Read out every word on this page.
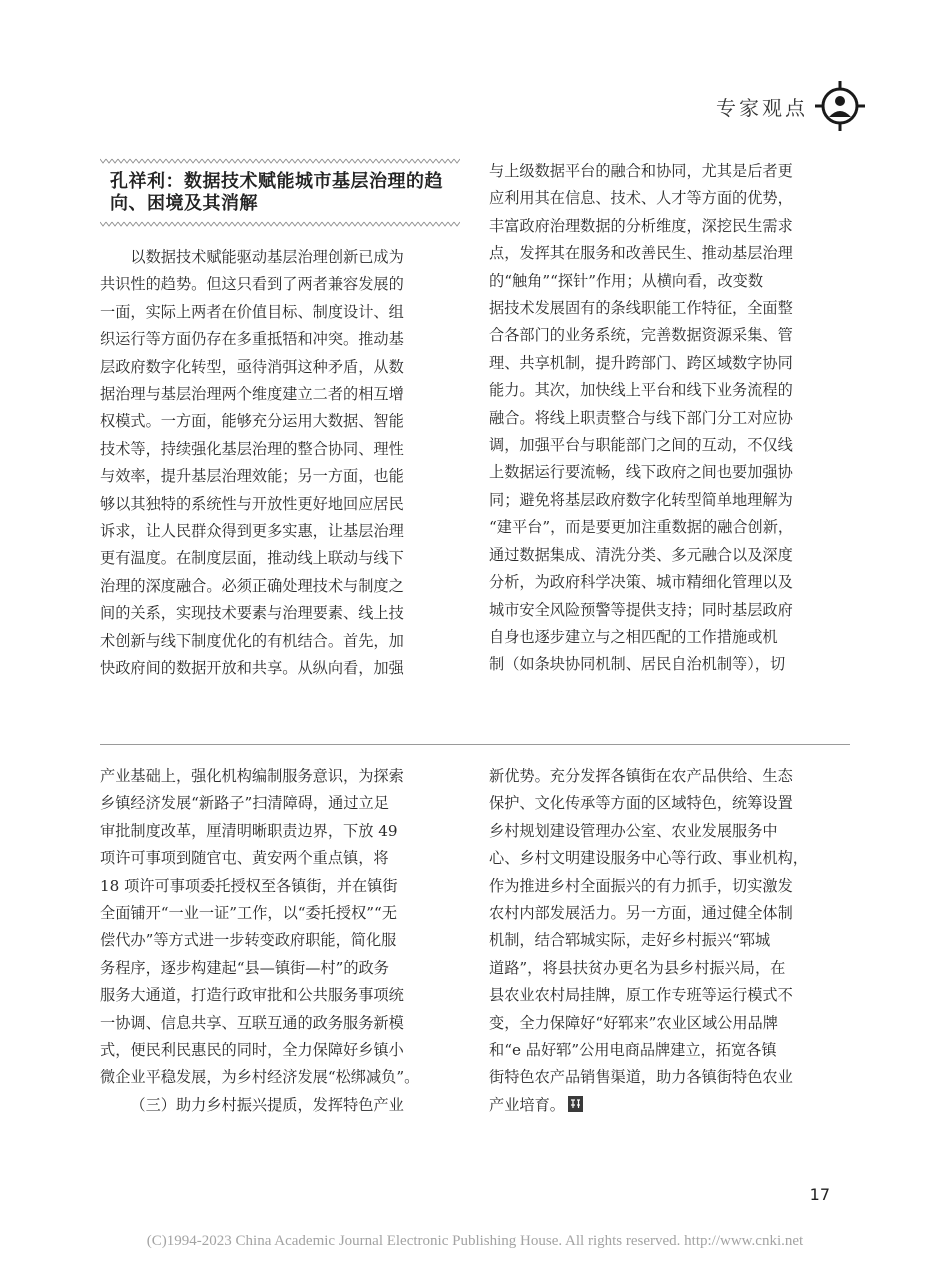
专家观点
孔祥利：数据技术赋能城市基层治理的趋向、困境及其消解

以数据技术赋能驱动基层治理创新已成为
共识性的趋势。但这只看到了两者兼容发展的
一面，实际上两者在价值目标、制度设计、组
织运行等方面仍存在多重抵牾和冲突。推动基
层政府数字化转型，亟待消弭这种矛盾，从数
据治理与基层治理两个维度建立二者的相互增
权模式。一方面，能够充分运用大数据、智能
技术等，持续强化基层治理的整合协同、理性
与效率，提升基层治理效能；另一方面，也能
够以其独特的系统性与开放性更好地回应居民
诉求，让人民群众得到更多实惠，让基层治理
更有温度。在制度层面，推动线上联动与线下
治理的深度融合。必须正确处理技术与制度之
间的关系，实现技术要素与治理要素、线上技
术创新与线下制度优化的有机结合。首先，加
快政府间的数据开放和共享。从纵向看，加强

与上级数据平台的融合和协同，尤其是后者更
应利用其在信息、技术、人才等方面的优势，
丰富政府治理数据的分析维度，深挖民生需求
点，发挥其在服务和改善民生、推动基层治理
的“触角”“探针”作用；从横向看，改变数
据技术发展固有的条线职能工作特征，全面整
合各部门的业务系统，完善数据资源采集、管
理、共享机制，提升跨部门、跨区域数字协同
能力。其次，加快线上平台和线下业务流程的
融合。将线上职责整合与线下部门分工对应协
调，加强平台与职能部门之间的互动，不仅线
上数据运行要流畅，线下政府之间也要加强协
同；避免将基层政府数字化转型简单地理解为
“建平台”，而是要更加注重数据的融合创新，
通过数据集成、清洗分类、多元融合以及深度
分析，为政府科学决策、城市精细化管理以及
城市安全风险预警等提供支持；同时基层政府
自身也逐步建立与之相匹配的工作措施或机
制（如条块协同机制、居民自治机制等），切

产业基础上，强化机构编制服务意识，为探索
乡镇经济发展“新路子”扫清障碍，通过立足
审批制度改革，厘清明晰职责边界，下放 49
项许可事项到随官屯、黄安两个重点镇，将
18 项许可事项委托授权至各镇街，并在镇街
全面铺开“一业一证”工作，以“委托授权”“无
偿代办”等方式进一步转变政府职能，简化服
务程序，逐步构建起“县—镇街—村”的政务
服务大通道，打造行政审批和公共服务事项统
一协调、信息共享、互联互通的政务服务新模
式，便民利民惠民的同时，全力保障好乡镇小
微企业平稳发展，为乡村经济发展“松绑减负”。
（三）助力乡村振兴提质，发挥特色产业

新优势。充分发挥各镇街在农产品供给、生态
保护、文化传承等方面的区域特色，统筹设置
乡村规划建设管理办公室、农业发展服务中
心、乡村文明建设服务中心等行政、事业机构，
作为推进乡村全面振兴的有力抓手，切实激发
农村内部发展活力。另一方面，通过健全体制
机制，结合郓城实际，走好乡村振兴“郓城
道路”，将县扶贫办更名为县乡村振兴局，在
县农业农村局挂牌，原工作专班等运行模式不
变，全力保障好“好郓来”农业区域公用品牌
和“e 品好郓”公用电商品牌建立，拓宽各镇
街特色农产品销售渠道，助力各镇街特色农业
产业培育。

17
(C)1994-2023 China Academic Journal Electronic Publishing House. All rights reserved. http://www.cnki.net
